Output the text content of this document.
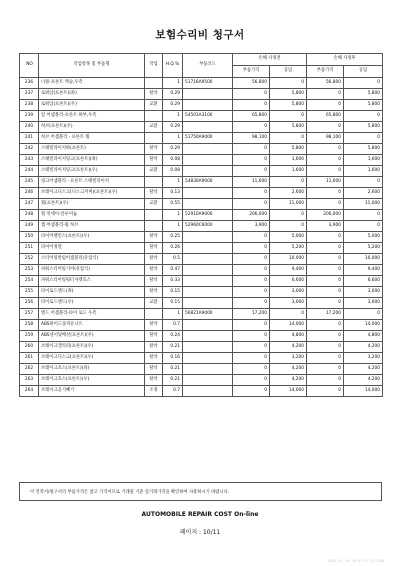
보험수리비 청구서
NO	작업항목 및 부품명	작업	H.Q.%	부품코드	손해 사정전		손해 사정후	
					부품가격	공임	부품가격	공임
236	너클-프론트 액슬,우측		1	51716A9500	56,800	0	56,800	0
237	로워암(프론트)(좌)	탈착	0.29		0	5,800	0	5,800
238	로워암(프론트)(우)	교환	0.29		0	5,800	0	5,800
239	암 어셈블리-프론트 하부,우측		1	54501A3100	65,800	0	65,800	0
240	허브(프론트)(우)	교환	0.29		0	5,800	0	5,800
241	허브 어셈블리 - 프론트 휠		1	51750A9000	98,100	0	98,100	0
242	스태빌라이저바(프론트)	탈착	0.29		0	5,800	0	5,800
243	스태빌라이저링크(프론트)(좌)	탈착	0.08		0	1,600	0	1,600
244	스태빌라이저링크(프론트)(우)	교환	0.08		0	1,600	0	1,600
245	링크어셈블리 - 프론트 스태빌라이저		1	54830A9000	11,600	0	11,600	0
246	브레이크디스크(디스크커버)(프론트)(우)	탈착	0.13		0	2,600	0	2,600
247	휠(프론트)(우)	교환	0.55		0	11,000	0	11,000
248	휠 엇세이-알루미늄		1	52910A9000	206,000	0	206,000	0
249	캡 어셈블리-휠 허브		1	52960C6000	3,900	0	3,900	0
250	타이어밸런스(프론트)(우)	탈착	0.25		0	5,000	0	5,000
251	타이어정렬	탈착	0.26		0	5,200	0	5,200
252	스티어링칼럼어셈블리(유압식)	탈착	0.5		0	10,000	0	10,000
253	파워스티어링기어(유압식)	탈착	0.47		0	9,400	0	9,400
254	파워스티어링워터자켓호스	탈착	0.33		0	6,600	0	6,600
255	타이로드엔드(좌)	탈착	0.15		0	3,000	0	3,000
256	타이로드엔드(우)	교환	0.15		0	3,000	0	3,000
257	엔드 어셈블리-타이 로드 우측		1	56821A9000	17,200	0	17,200	0
258	ABS하이드롤릭유니트	탈착	0.7		0	14,000	0	14,000
259	ABS센서및배선(프론트)(우)	탈착	0.24		0	4,800	0	4,800
260	브레이크캘리퍼(프론트)(우)	탈착	0.21		0	4,200	0	4,200
261	브레이크디스크(프론트)(우)	탈착	0.16		0	3,200	0	3,200
262	브레이크호스(프론트)(좌)	탈착	0.21		0	4,200	0	4,200
263	브레이크호스(프론트)(우)	탈착	0.21		0	4,200	0	4,200
264	브레이크공기빼기	조정	0.7		0	14,000	0	14,000
이 견적서/청구서의 부품가격은 참고 가격이므로 거래될 기준 실거래가격을 확인하여 사용하시기 바랍니다.
AUTOMOBILE REPAIR COST On-line
페이지 : 10/11
2024-01-16 10:37:57 AI7206
